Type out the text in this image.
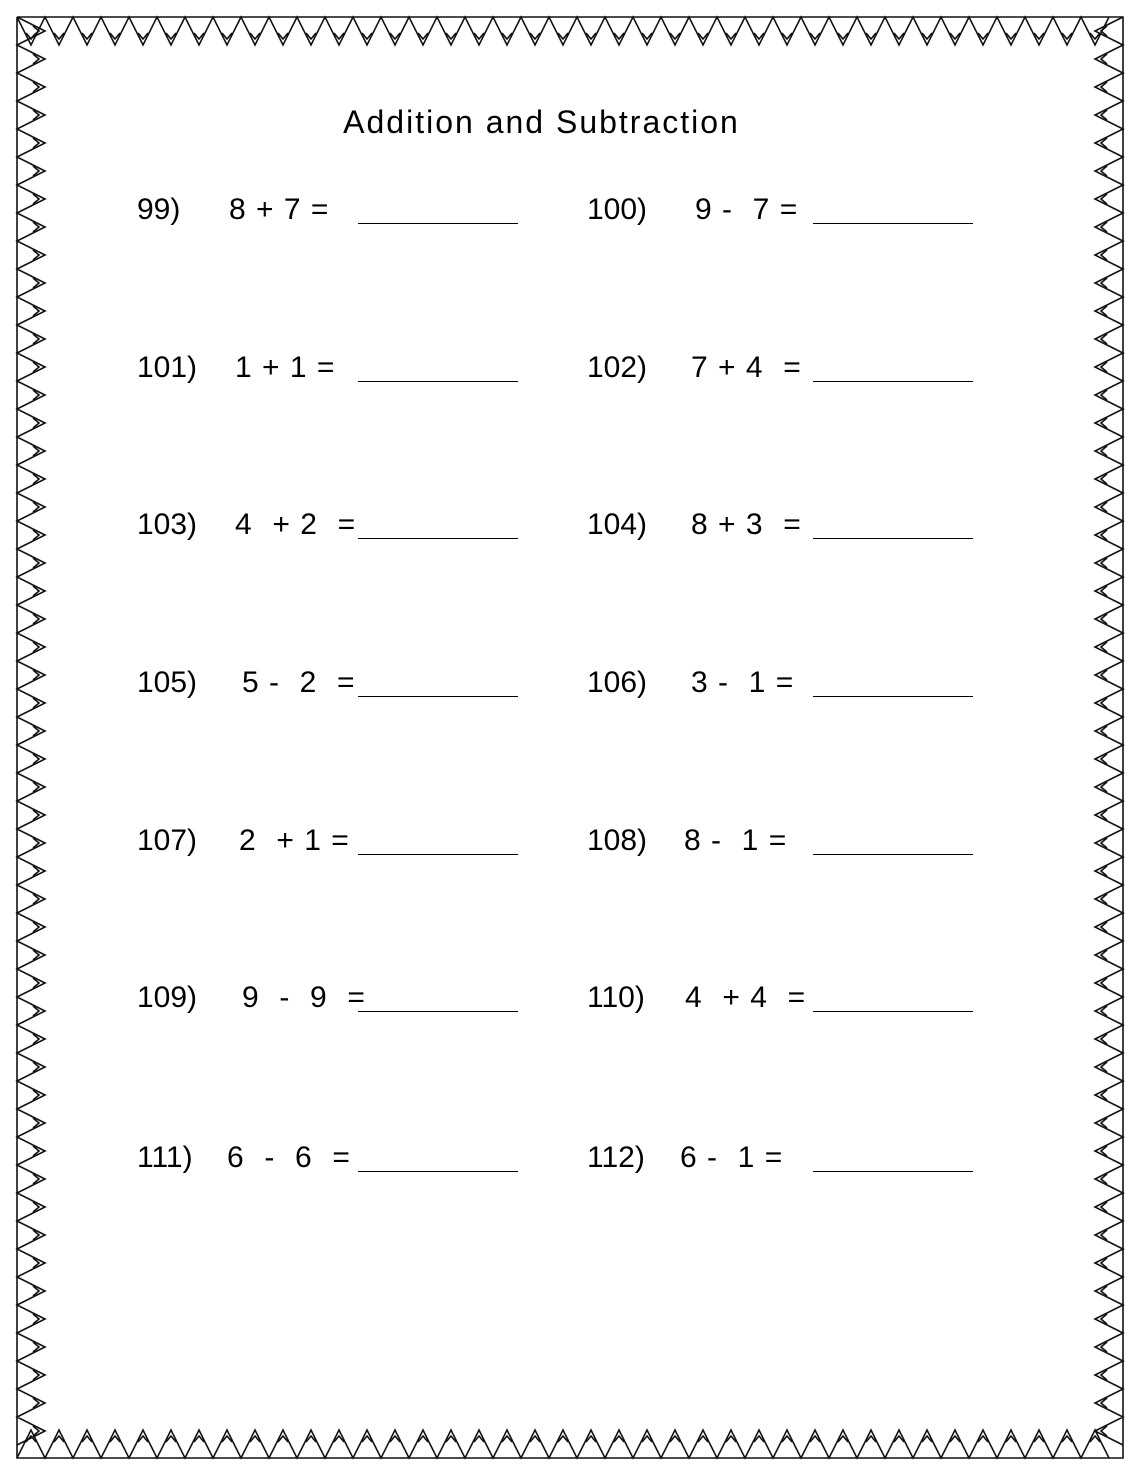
Addition and Subtraction
99) 8 + 7 =	100) 9 -  7 =
101) 1 + 1 =	102) 7 + 4  =
103) 4  + 2  =	104) 8 + 3  =
105) 5 -  2  =	106) 3 -  1 =
107) 2  + 1 =	108) 8 -  1 =
109) 9  -  9  =	110) 4  + 4  =
111) 6  -  6  =	112) 6 -  1 =
